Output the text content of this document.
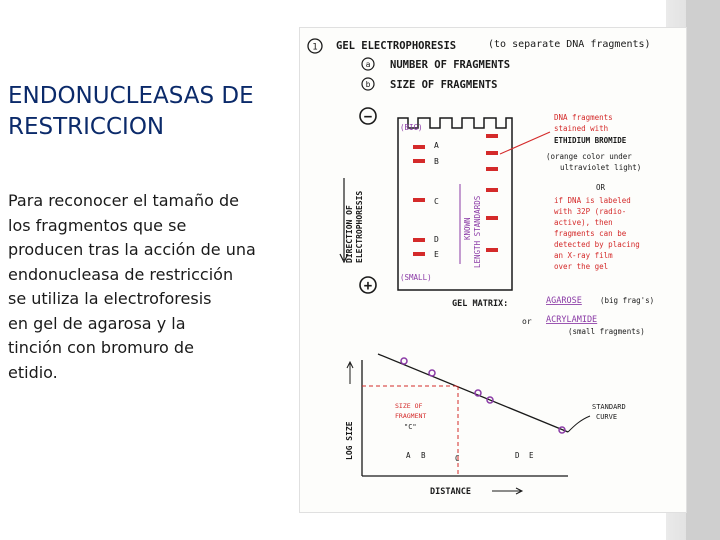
ENDONUCLEASAS DE RESTRICCION
Para reconocer el tamaño de
los fragmentos que se
producen tras la acción de una
endonucleasa de restricción
se utiliza la electroforesis
en gel de agarosa y la
tinción con bromuro de
etidio.
1 GEL ELECTROPHORESIS	(to separate DNA fragments)
a NUMBER OF FRAGMENTS
b SIZE OF FRAGMENTS
−
+
DIRECTION OF ELECTROPHORESIS
(BIG)
(SMALL)
A
B
C
D
E
KNOWN LENGTH STANDARDS
DNA fragments
stained with
ETHIDIUM BROMIDE
(orange color under
ultraviolet light)
OR
if DNA is labeled
with 32P (radio-
active), then
fragments can be
detected by placing
an X-ray film
over the gel
GEL MATRIX:	AGAROSE (big frag's)
or ACRYLAMIDE
(small fragments)
LOG SIZE
SIZE OF
FRAGMENT
"C"
STANDARD
CURVE
A B	C	D E
DISTANCE
